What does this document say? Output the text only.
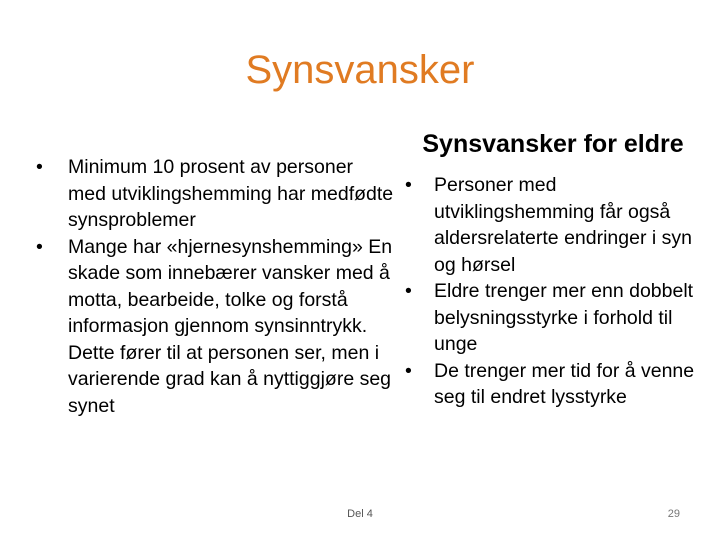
Synsvansker
•	Minimum 10 prosent av personer med utviklingshemming har medfødte synsproblemer
•	Mange har «hjernesynshemming» En skade som innebærer vansker med å motta, bearbeide, tolke og forstå informasjon gjennom synsinntrykk. Dette fører til at personen ser, men i varierende grad kan å nyttiggjøre seg synet
Synsvansker for eldre
•	Personer med utviklingshemming får også aldersrelaterte endringer i syn og hørsel
•	Eldre trenger mer enn dobbelt belysningsstyrke i forhold til unge
•	De trenger mer tid for å venne seg til endret lysstyrke
Del 4	29
